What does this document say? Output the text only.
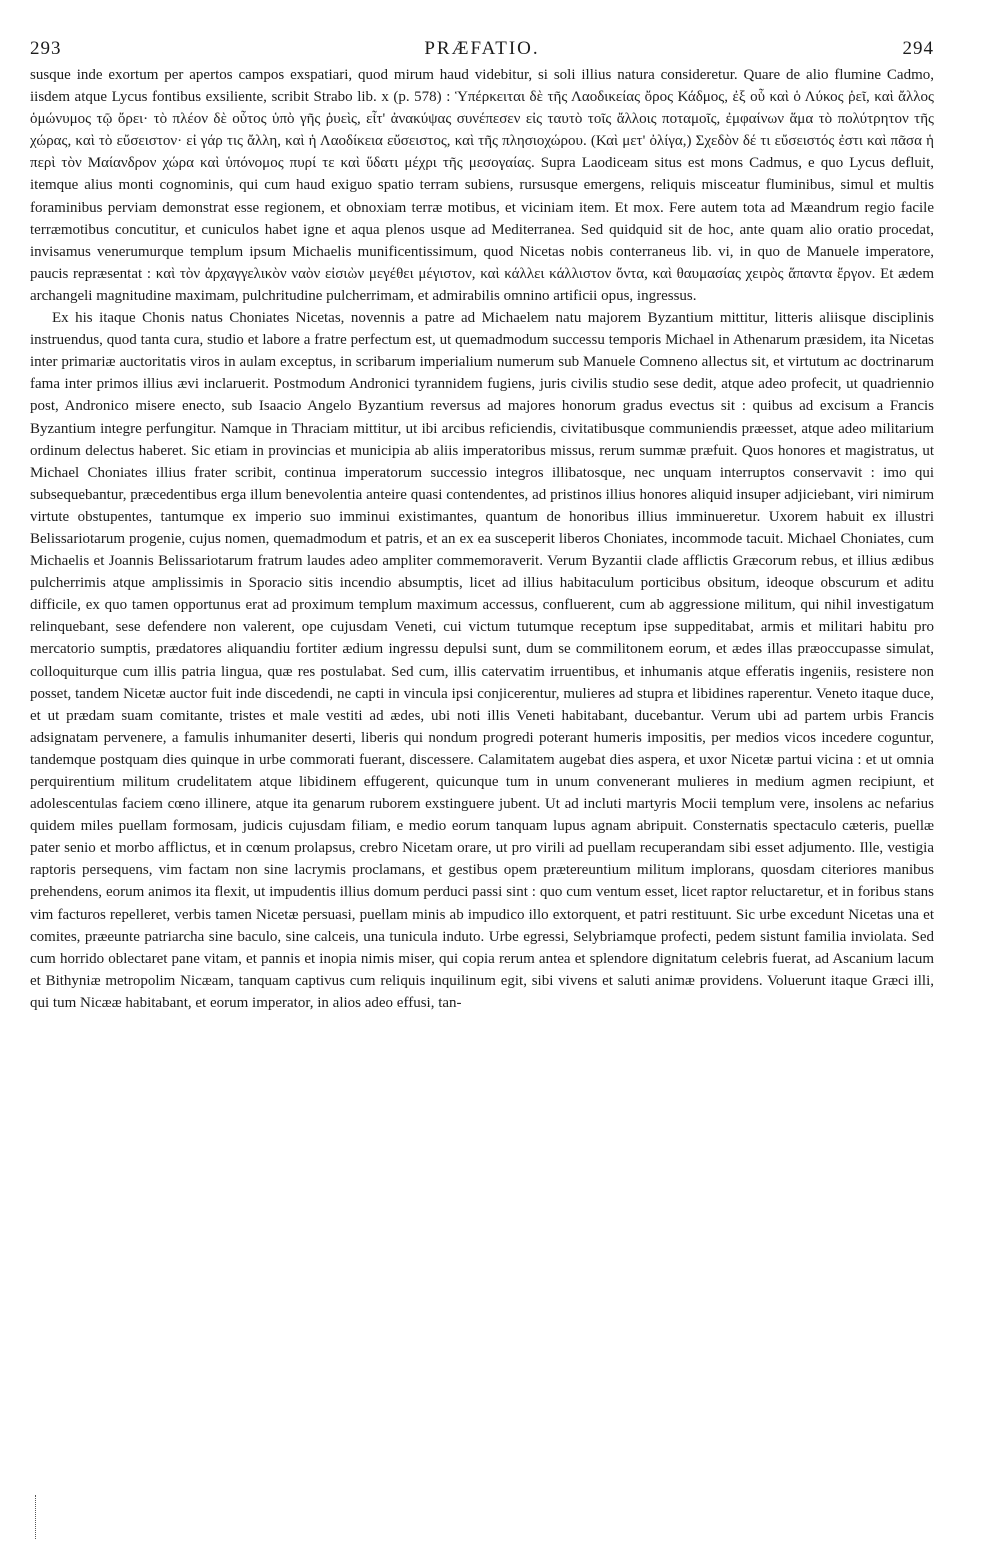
293	PRÆFATIO.	294

susque inde exortum per apertos campos exspatiari, quod mirum haud videbitur, si soli illius natura consideretur. Quare de alio flumine Cadmo, iisdem atque Lycus fontibus exsiliente, scribit Strabo lib. x (p. 578) : Ὑπέρκειται δὲ τῆς Λαοδικείας ὄρος Κάδμος, ἐξ οὗ καὶ ὁ Λύκος ῥεῖ, καὶ ἄλλος ὁμώνυμος τῷ ὄρει· τὸ πλέον δὲ οὗτος ὑπὸ γῆς ῥυεὶς, εἶτ' ἀνακύψας συνέπεσεν εἰς ταυτὸ τοῖς ἄλλοις ποταμοῖς, ἐμφαίνων ἅμα τὸ πολύτρητον τῆς χώρας, καὶ τὸ εὔσειστον· εἰ γάρ τις ἄλλη, καὶ ἡ Λαοδίκεια εὔσειστος, καὶ τῆς πλησιοχώρου. (Καὶ μετ' ὀλίγα,) Σχεδὸν δέ τι εὔσειστός ἐστι καὶ πᾶσα ἡ περὶ τὸν Μαίανδρον χώρα καὶ ὑπόνομος πυρί τε καὶ ὕδατι μέχρι τῆς μεσογαίας. Supra Laodiceam situs est mons Cadmus, e quo Lycus defluit, itemque alius monti cognominis, qui cum haud exiguo spatio terram subiens, rursusque emergens, reliquis misceatur fluminibus, simul et multis foraminibus perviam demonstrat esse regionem, et obnoxiam terræ motibus, et viciniam item. Et mox. Fere autem tota ad Mæandrum regio facile terræmotibus concutitur, et cuniculos habet igne et aqua plenos usque ad Mediterranea. Sed quidquid sit de hoc, ante quam alio oratio procedat, invisamus venerumurque templum ipsum Michaelis munificentissimum, quod Nicetas nobis conterraneus lib. vi, in quo de Manuele imperatore, paucis repræsentat : καὶ τὸν ἀρχαγγελικὸν ναὸν εἰσιὼν μεγέθει μέγιστον, καὶ κάλλει κάλλιστον ὄντα, καὶ θαυμασίας χειρὸς ἅπαντα ἔργον. Et ædem archangeli magnitudine maximam, pulchritudine pulcherrimam, et admirabilis omnino artificii opus, ingressus.

Ex his itaque Chonis natus Choniates Nicetas, novennis a patre ad Michaelem natu majorem Byzantium mittitur, litteris aliisque disciplinis instruendus, quod tanta cura, studio et labore a fratre perfectum est, ut quemadmodum successu temporis Michael in Athenarum præsidem, ita Nicetas inter primariæ auctoritatis viros in aulam exceptus, in scribarum imperialium numerum sub Manuele Comneno allectus sit, et virtutum ac doctrinarum fama inter primos illius ævi inclaruerit. Postmodum Andronici tyrannidem fugiens, juris civilis studio sese dedit, atque adeo profecit, ut quadriennio post, Andronico misere enecto, sub Isaacio Angelo Byzantium reversus ad majores honorum gradus evectus sit : quibus ad excisum a Francis Byzantium integre perfungitur. Namque in Thraciam mittitur, ut ibi arcibus reficiendis, civitatibusque communiendis præesset, atque adeo militarium ordinum delectus haberet. Sic etiam in provincias et municipia ab aliis imperatoribus missus, rerum summæ præfuit. Quos honores et magistratus, ut Michael Choniates illius frater scribit, continua imperatorum successio integros illibatosque, nec unquam interruptos conservavit : imo qui subsequebantur, præcedentibus erga illum benevolentia anteire quasi contendentes, ad pristinos illius honores aliquid insuper adjiciebant, viri nimirum virtute obstupentes, tantumque ex imperio suo imminui existimantes, quantum de honoribus illius imminueretur. Uxorem habuit ex illustri Belissariotarum progenie, cujus nomen, quemadmodum et patris, et an ex ea susceperit liberos Choniates, incommode tacuit. Michael Choniates, cum Michaelis et Joannis Belissariotarum fratrum laudes adeo ampliter commemoraverit. Verum Byzantii clade afflictis Græcorum rebus, et illius ædibus pulcherrimis atque amplissimis in Sporacio sitis incendio absumptis, licet ad illius habitaculum porticibus obsitum, ideoque obscurum et aditu difficile, ex quo tamen opportunus erat ad proximum templum maximum accessus, confluerent, cum ab aggressione militum, qui nihil investigatum relinquebant, sese defendere non valerent, ope cujusdam Veneti, cui victum tutumque receptum ipse suppeditabat, armis et militari habitu pro mercatorio sumptis, prædatores aliquandiu fortiter ædium ingressu depulsi sunt, dum se commilitonem eorum, et ædes illas præoccupasse simulat, colloquiturque cum illis patria lingua, quæ res postulabat. Sed cum, illis catervatim irruentibus, et inhumanis atque efferatis ingeniis, resistere non posset, tandem Nicetæ auctor fuit inde discedendi, ne capti in vincula ipsi conjicerentur, mulieres ad stupra et libidines raperentur. Veneto itaque duce, et ut prædam suam comitante, tristes et male vestiti ad ædes, ubi noti illis Veneti habitabant, ducebantur. Verum ubi ad partem urbis Francis adsignatam pervenere, a famulis inhumaniter deserti, liberis qui nondum progredi poterant humeris impositis, per medios vicos incedere coguntur, tandemque postquam dies quinque in urbe commorati fuerant, discessere. Calamitatem augebat dies aspera, et uxor Nicetæ partui vicina : et ut omnia perquirentium militum crudelitatem atque libidinem effugerent, quicunque tum in unum convenerant mulieres in medium agmen recipiunt, et adolescentulas faciem cœno illinere, atque ita genarum ruborem exstinguere jubent. Ut ad incluti martyris Mocii templum vere, insolens ac nefarius quidem miles puellam formosam, judicis cujusdam filiam, e medio eorum tanquam lupus agnam abripuit. Consternatis spectaculo cæteris, puellæ pater senio et morbo afflictus, et in cœnum prolapsus, crebro Nicetam orare, ut pro virili ad puellam recuperandam sibi esset adjumento. Ille, vestigia raptoris persequens, vim factam non sine lacrymis proclamans, et gestibus opem prætereuntium militum implorans, quosdam citeriores manibus prehendens, eorum animos ita flexit, ut impudentis illius domum perduci passi sint : quo cum ventum esset, licet raptor reluctaretur, et in foribus stans vim facturos repelleret, verbis tamen Nicetæ persuasi, puellam minis ab impudico illo extorquent, et patri restituunt. Sic urbe excedunt Nicetas una et comites, præeunte patriarcha sine baculo, sine calceis, una tunicula induto. Urbe egressi, Selybriamque profecti, pedem sistunt familia inviolata. Sed cum horrido oblectaret pane vitam, et pannis et inopia nimis miser, qui copia rerum antea et splendore dignitatum celebris fuerat, ad Ascanium lacum et Bithyniæ metropolim Nicæam, tanquam captivus cum reliquis inquilinum egit, sibi vivens et saluti animæ providens. Voluerunt itaque Græci illi, qui tum Nicææ habitabant, et eorum imperator, in alios adeo effusi, tan-
